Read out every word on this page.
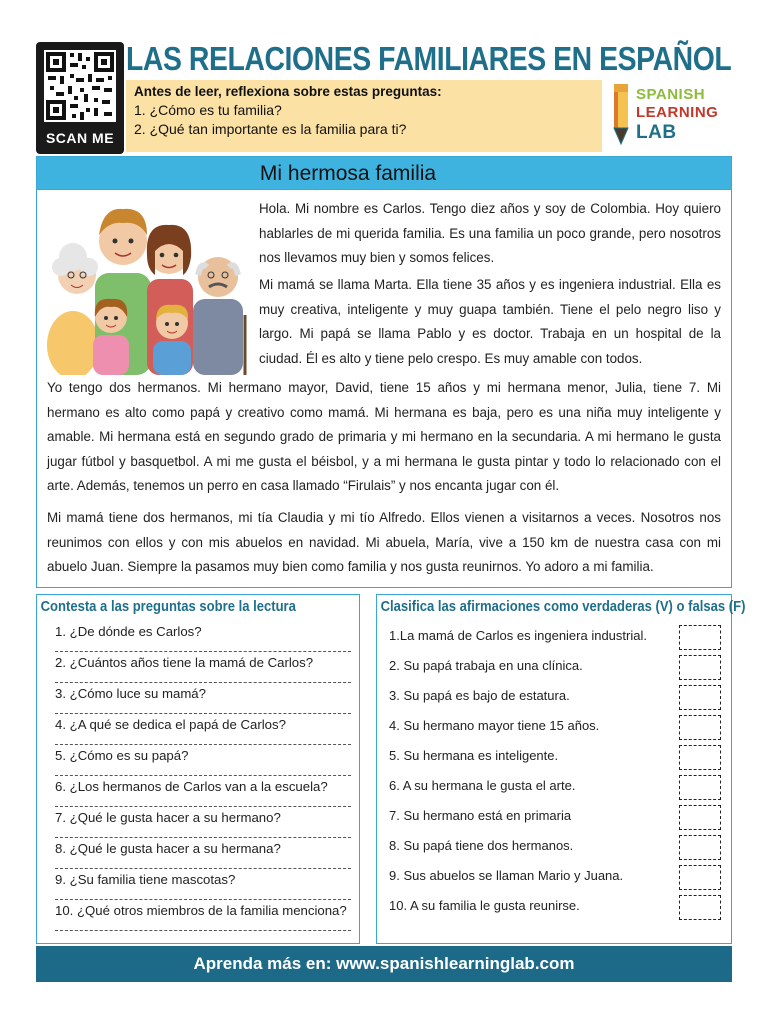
SCAN ME
LAS RELACIONES FAMILIARES EN ESPAÑOL
Antes de leer, reflexiona sobre estas preguntas:
1. ¿Cómo es tu familia?
2. ¿Qué tan importante es la familia para ti?
SPANISH
LEARNING
LAB
Mi hermosa familia

Hola. Mi nombre es Carlos. Tengo diez años y soy de Colombia. Hoy quiero hablarles de mi querida familia. Es una familia un poco grande, pero nosotros nos llevamos muy bien y somos felices.

Mi mamá se llama Marta. Ella tiene 35 años y es ingeniera industrial. Ella es muy creativa, inteligente y muy guapa también. Tiene el pelo negro liso y largo. Mi papá se llama Pablo y es doctor. Trabaja en un hospital de la ciudad. Él es alto y tiene pelo crespo. Es muy amable con todos.

Yo tengo dos hermanos. Mi hermano mayor, David, tiene 15 años y mi hermana menor, Julia, tiene 7. Mi hermano es alto como papá y creativo como mamá. Mi hermana es baja, pero es una niña muy inteligente y amable. Mi hermana está en segundo grado de primaria y mi hermano en la secundaria. A mi hermano le gusta jugar fútbol y basquetbol. A mi me gusta el béisbol, y a mi hermana le gusta pintar y todo lo relacionado con el arte. Además, tenemos un perro en casa llamado “Firulais” y nos encanta jugar con él.

Mi mamá tiene dos hermanos, mi tía Claudia y mi tío Alfredo. Ellos vienen a visitarnos a veces. Nosotros nos reunimos con ellos y con mis abuelos en navidad. Mi abuela, María, vive a 150 km de nuestra casa con mi abuelo Juan. Siempre la pasamos muy bien como familia y nos gusta reunirnos. Yo adoro a mi familia.

Contesta a las preguntas sobre la lectura
1. ¿De dónde es Carlos?
2. ¿Cuántos años tiene la mamá de Carlos?
3. ¿Cómo luce su mamá?
4. ¿A qué se dedica el papá de Carlos?
5. ¿Cómo es su papá?
6. ¿Los hermanos de Carlos van a la escuela?
7. ¿Qué le gusta hacer a su hermano?
8. ¿Qué le gusta hacer a su hermana?
9. ¿Su familia tiene mascotas?
10. ¿Qué otros miembros de la familia menciona?
Clasifica las afirmaciones como verdaderas (V) o falsas (F)
1.La mamá de Carlos es ingeniera industrial.
2. Su papá trabaja en una clínica.
3. Su papá es bajo de estatura.
4. Su hermano mayor tiene 15 años.
5. Su hermana es inteligente.
6. A su hermana le gusta el arte.
7. Su hermano está en primaria
8. Su papá tiene dos hermanos.
9. Sus abuelos se llaman Mario y Juana.
10. A su familia le gusta reunirse.
Aprenda más en: www.spanishlearninglab.com
